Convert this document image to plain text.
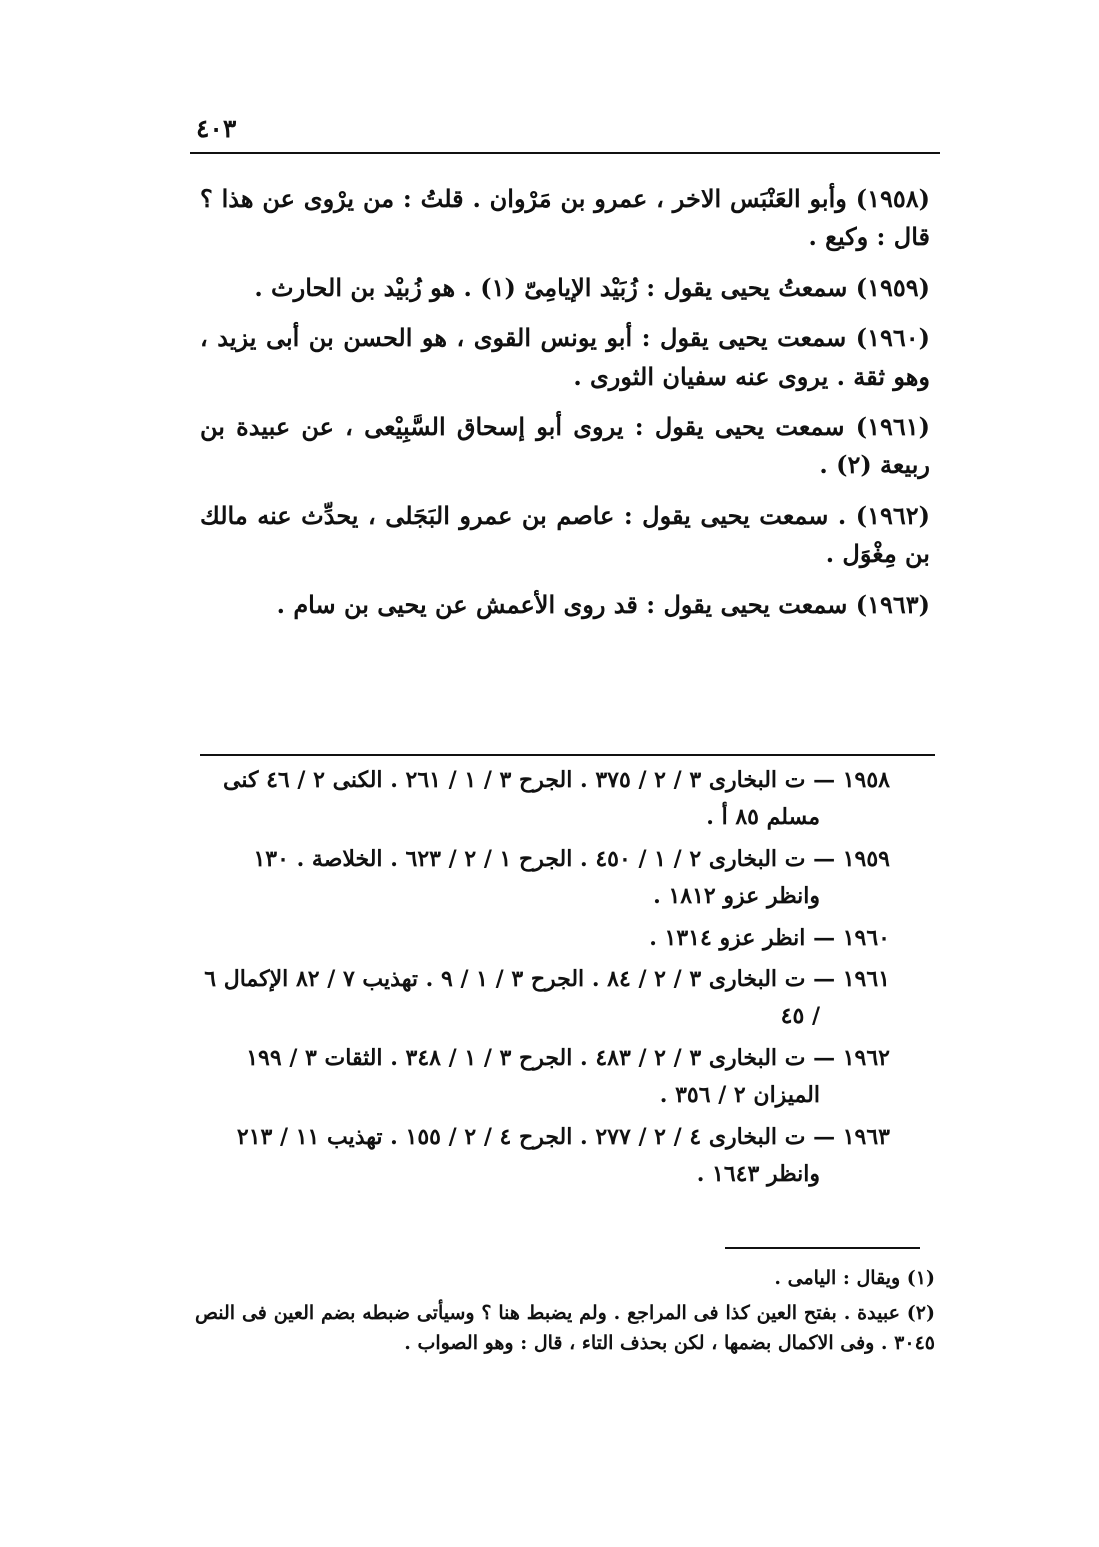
٤٠٣

(١٩٥٨) وأبو العَنْبَس الاخر ، عمرو بن مَرْوان . قلتُ : من يرْوى عن هذا ؟ قال : وكيع .

(١٩٥٩) سمعتُ يحيى يقول : زُبَيْد الإيامِىّ (١) . هو زُبيْد بن الحارث .

(١٩٦٠) سمعت يحيى يقول : أبو يونس القوى ، هو الحسن بن أبى يزيد ، وهو ثقة . يروى عنه سفيان الثورى .

(١٩٦١) سمعت يحيى يقول : يروى أبو إسحاق السَّبِيْعى ، عن عبيدة بن ربيعة (٢) .

(١٩٦٢) . سمعت يحيى يقول : عاصم بن عمرو البَجَلى ، يحدِّث عنه مالك بن مِغْوَل .

(١٩٦٣) سمعت يحيى يقول : قد روى الأعمش عن يحيى بن سام .

١٩٥٨ — ت البخارى ٣ / ٢ / ٣٧٥ . الجرح ٣ / ١ / ٢٦١ . الكنى ٢ / ٤٦ كنى مسلم ٨٥ أ .

١٩٥٩ — ت البخارى ٢ / ١ / ٤٥٠ . الجرح ١ / ٢ / ٦٢٣ . الخلاصة . ١٣٠ وانظر عزو ١٨١٢ .

١٩٦٠ — انظر عزو ١٣١٤ .

١٩٦١ — ت البخارى ٣ / ٢ / ٨٤ . الجرح ٣ / ١ / ٩ . تهذيب ٧ / ٨٢ الإكمال ٦ / ٤٥

١٩٦٢ — ت البخارى ٣ / ٢ / ٤٨٣ . الجرح ٣ / ١ / ٣٤٨ . الثقات ٣ / ١٩٩ الميزان ٢ / ٣٥٦ .

١٩٦٣ — ت البخارى ٤ / ٢ / ٢٧٧ . الجرح ٤ / ٢ / ١٥٥ . تهذيب ١١ / ٢١٣ وانظر ١٦٤٣ .

(١) ويقال : اليامى .

(٢) عبيدة . بفتح العين كذا فى المراجع . ولم يضبط هنا ؟ وسيأتى ضبطه بضم العين فى النص ٣٠٤٥ . وفى الاكمال بضمها ، لكن بحذف التاء ، قال : وهو الصواب .
